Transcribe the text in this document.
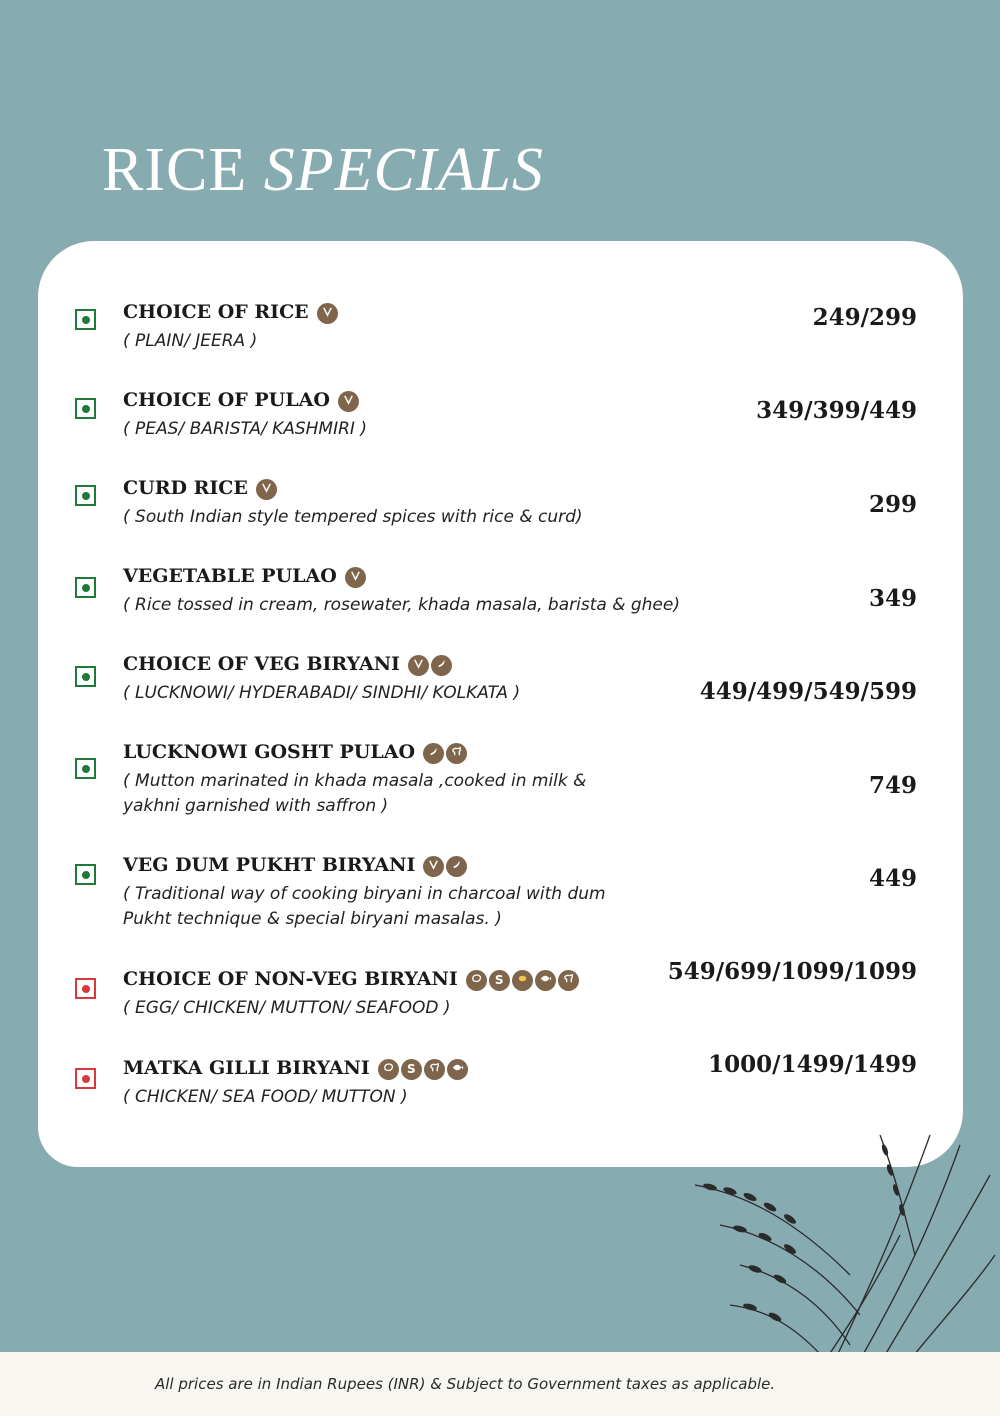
RICE SPECIALS
CHOICE OF RICE

( PLAIN/ JEERA )

249/299
CHOICE OF PULAO

( PEAS/ BARISTA/ KASHMIRI )

349/399/449
CURD RICE

( South Indian style tempered spices with rice & curd)	299
VEGETABLE PULAO

( Rice tossed in cream, rosewater, khada masala, barista & ghee)	349
CHOICE OF VEG BIRYANI

( LUCKNOWI/ HYDERABADI/ SINDHI/ KOLKATA )	449/499/549/599
LUCKNOWI GOSHT PULAO

( Mutton marinated in khada masala ,cooked in milk & yakhni garnished with saffron )

749
VEG DUM PUKHT BIRYANI

( Traditional way of cooking biryani in charcoal with dum Pukht technique & special biryani masalas. )

449
CHOICE OF NON-VEG BIRYANI	S

( EGG/ CHICKEN/ MUTTON/ SEAFOOD )

549/699/1099/1099
MATKA GILLI BIRYANI	S

( CHICKEN/ SEA FOOD/ MUTTON )

1000/1499/1499

All prices are in Indian Rupees (INR) & Subject to Government taxes as applicable.
